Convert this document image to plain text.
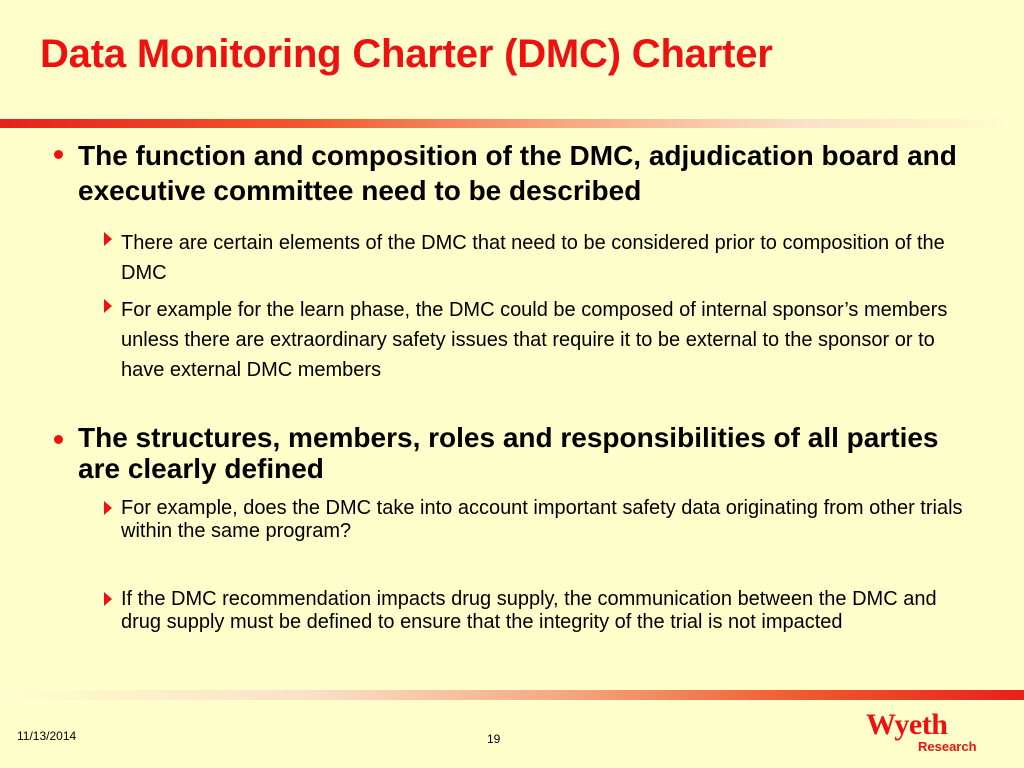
Data Monitoring Charter (DMC) Charter
The function and composition of the DMC, adjudication board and executive committee need to be described
There are certain elements of the DMC that need to be considered prior to composition of the DMC
For example for the learn phase, the DMC could be composed of internal sponsor’s members unless there are extraordinary safety issues that require it to be external to the sponsor or to have external DMC members
The structures, members, roles and responsibilities of all parties are clearly defined
For example, does the DMC take into account important safety data originating from other trials within the same program?
If the DMC recommendation impacts drug supply, the communication between the DMC and drug supply must be defined to ensure that the integrity of the trial is not impacted
11/13/2014	19	Wyeth
Research
